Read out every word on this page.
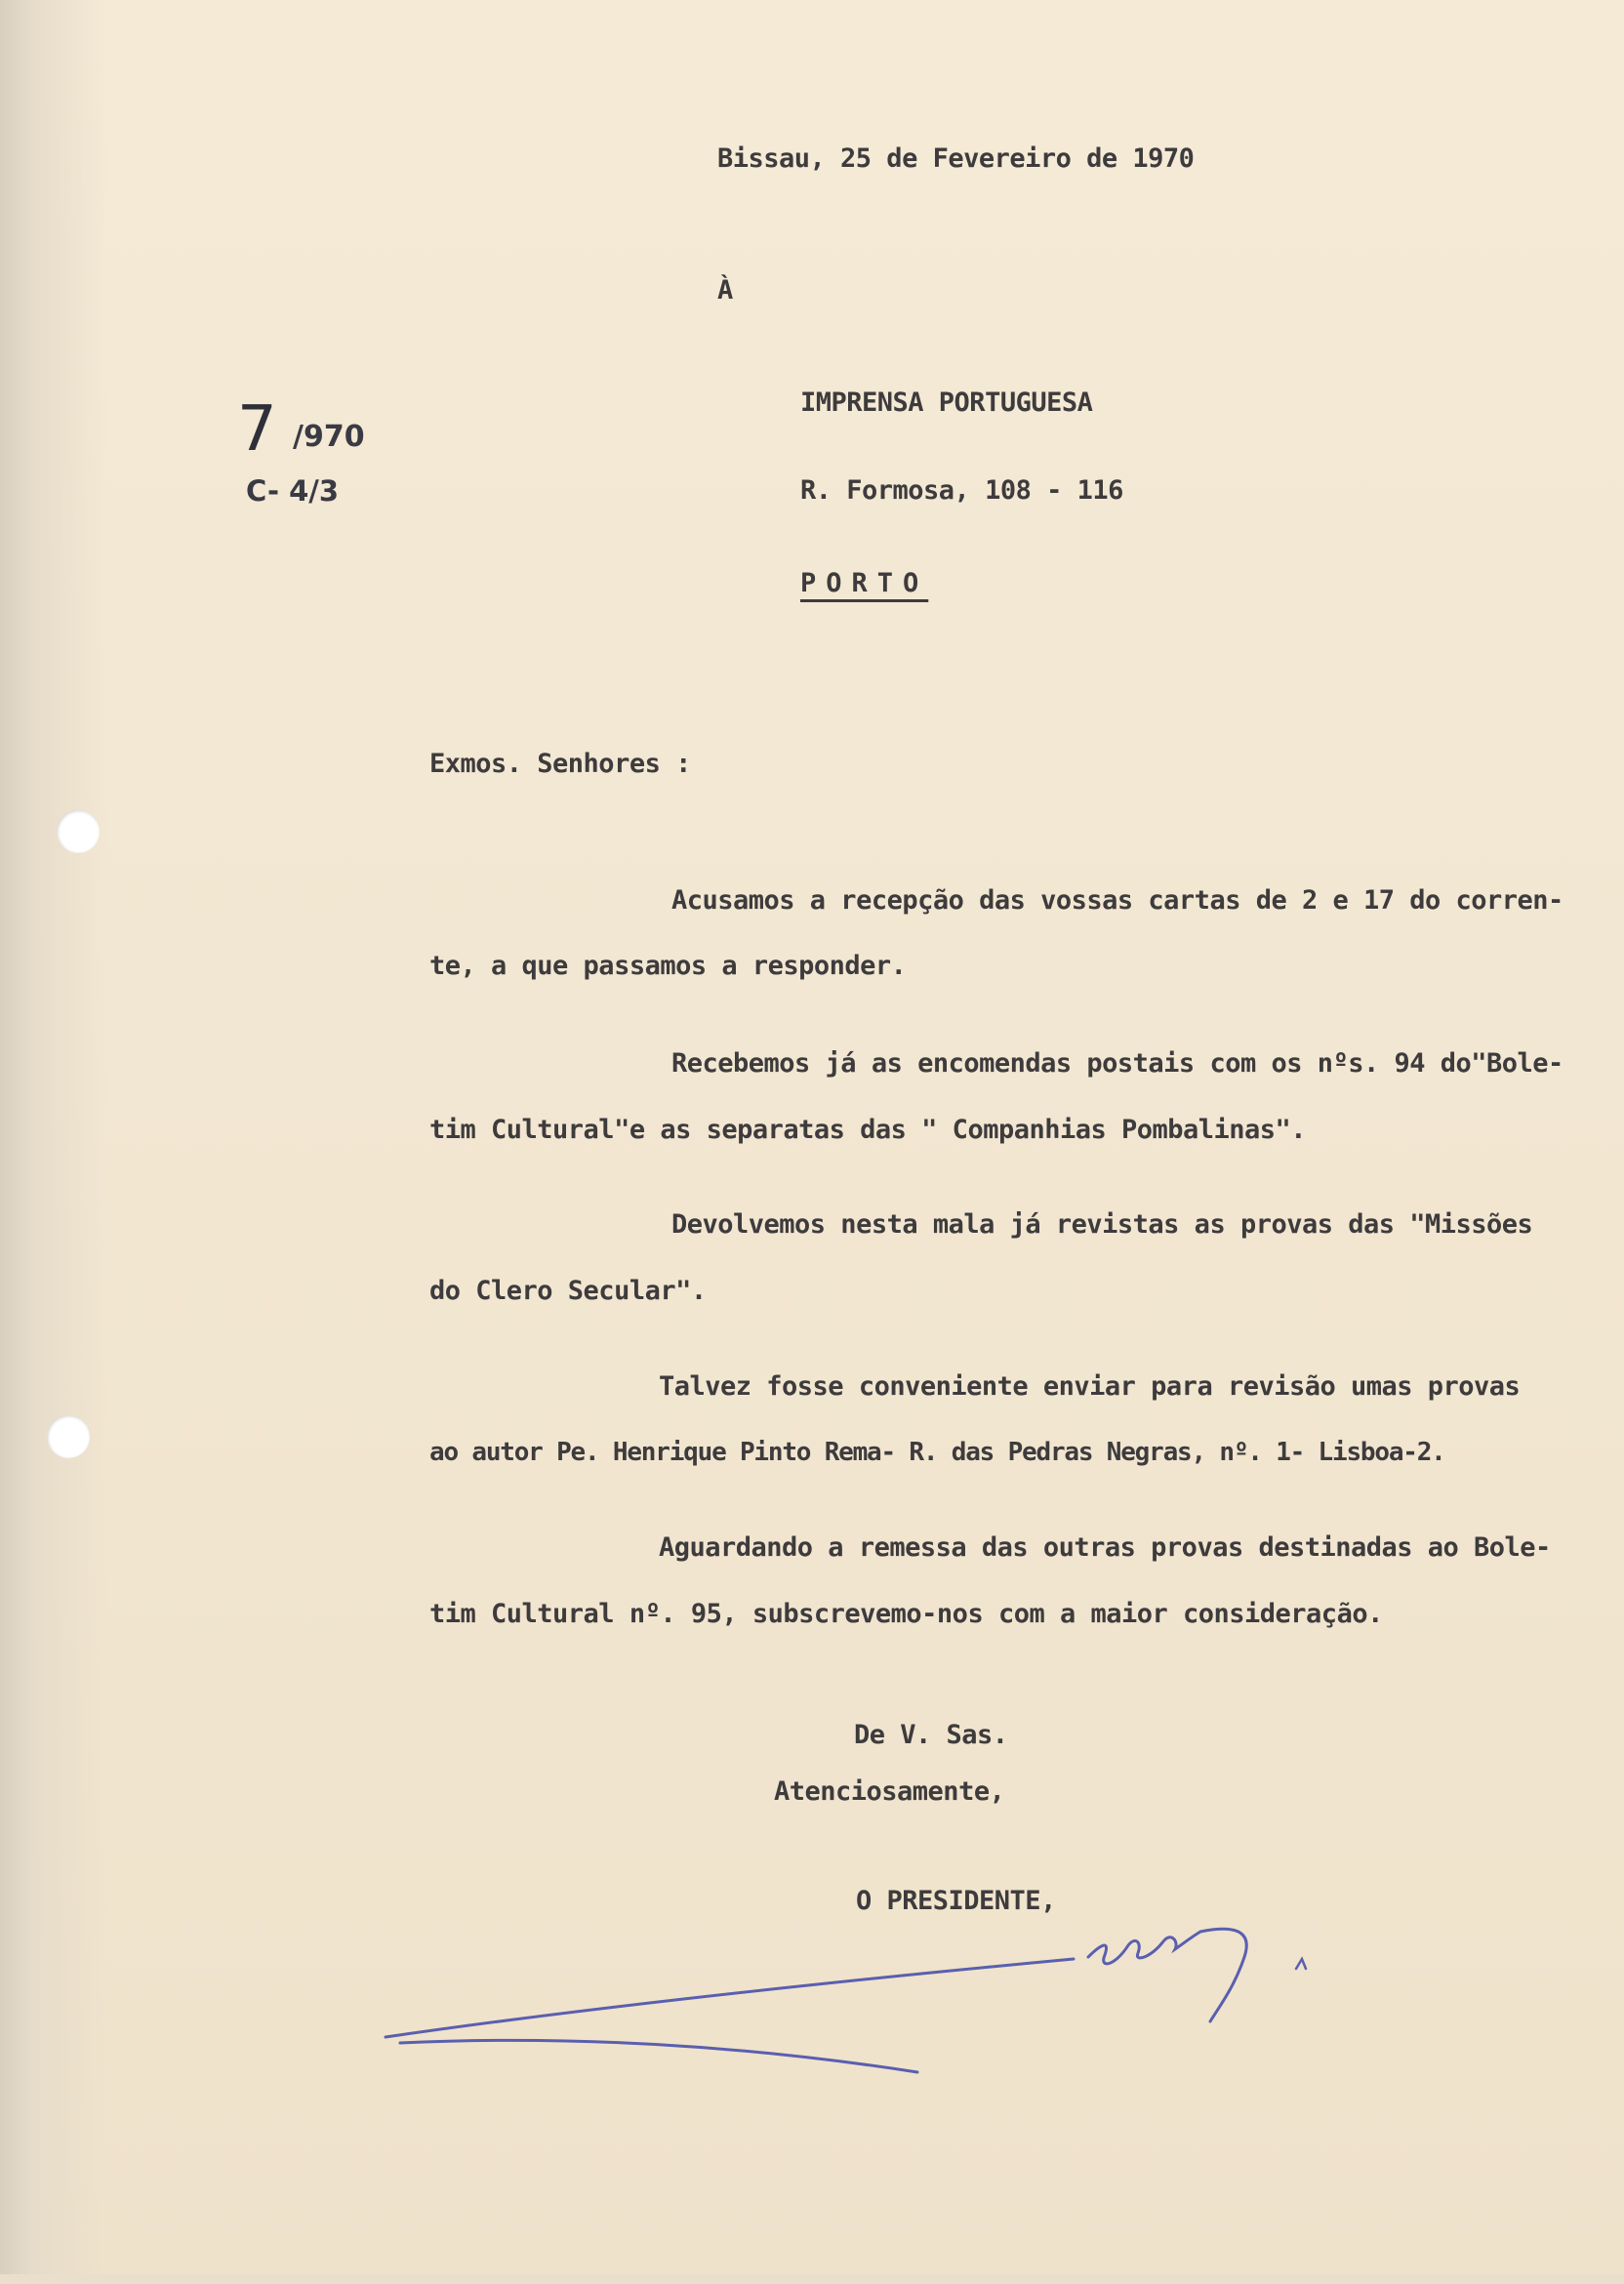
Bissau, 25 de Fevereiro de 1970
À
IMPRENSA PORTUGUESA
R. Formosa, 108 - 116
PORTO
7 /970
C- 4/3
Exmos. Senhores :
Acusamos a recepção das vossas cartas de 2 e 17 do corren-
te, a que passamos a responder.
Recebemos já as encomendas postais com os nºs. 94 do"Bole-
tim Cultural"e as separatas das " Companhias Pombalinas".
Devolvemos nesta mala já revistas as provas das "Missões
do Clero Secular".
Talvez fosse conveniente enviar para revisão umas provas
ao autor Pe. Henrique Pinto Rema- R. das Pedras Negras, nº. 1- Lisboa-2.
Aguardando a remessa das outras provas destinadas ao Bole-
tim Cultural nº. 95, subscrevemo-nos com a maior consideração.
De V. Sas.
Atenciosamente,
O PRESIDENTE,
